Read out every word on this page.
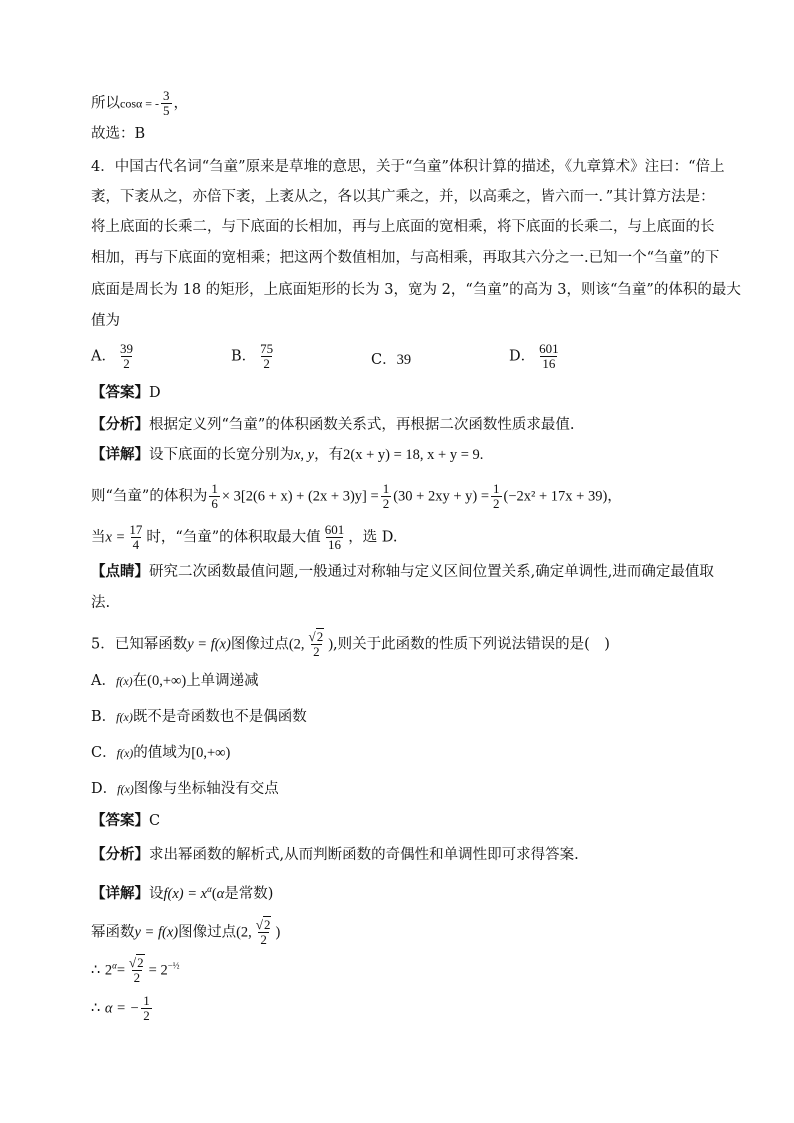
所以cosα = - $\frac{3}{5}$ ，
故选：B
4．中国古代名词“刍童”原来是草堆的意思，关于“刍童”体积计算的描述，《九章算术》注曰：“倍上
袤，下袤从之，亦倍下袤，上袤从之，各以其广乘之，并，以高乘之，皆六而一．”其计算方法是：
将上底面的长乘二，与下底面的长相加，再与上底面的宽相乘，将下底面的长乘二，与上底面的长
相加，再与下底面的宽相乘；把这两个数值相加，与高相乘，再取其六分之一.已知一个“刍童”的下
底面是周长为 18 的矩形，上底面矩形的长为 3，宽为 2，“刍童”的高为 3，则该“刍童”的体积的最大
值为
A． $\frac{39}{2}$	B． $\frac{75}{2}$	C．39	D． $\frac{601}{16}$
【答案】D
【分析】根据定义列“刍童”的体积函数关系式，再根据二次函数性质求最值.
【详解】设下底面的长宽分别为x, y，有2(x + y) = 18, x + y = 9.
则“刍童”的体积为 $\frac{1}{6} \times 3[2(6 + x) + (2x + 3)y] = \frac{1}{2} (30 + 2xy + y) = \frac{1}{2} (-2x^2 + 17x + 39)$，
当$x = \frac{17}{4}$ 时，“刍童”的体积取最大值 $\frac{601}{16}$ ，选 D.
【点睛】研究二次函数最值问题,一般通过对称轴与定义区间位置关系,确定单调性,进而确定最值取
法.
5．已知幂函数y = f(x)图像过点(2, $\frac{√2}{2}$ ),则关于此函数的性质下列说法错误的是(　)
A．f(x)在(0,+∞)上单调递减
B．f(x)既不是奇函数也不是偶函数
C．f(x)的值域为[0,+∞)
D．f(x)图像与坐标轴没有交点
【答案】C
【分析】求出幂函数的解析式,从而判断函数的奇偶性和单调性即可求得答案.
【详解】设$f(x) = x^\alpha(\alpha$是常数)
幂函数y = f(x)图像过点(2, $\frac{√2}{2}$ )
∴ $2^\alpha= \frac{√2}{2} = 2^{-\frac{1}{2}}$
∴ α = − $\frac{1}{2}$
